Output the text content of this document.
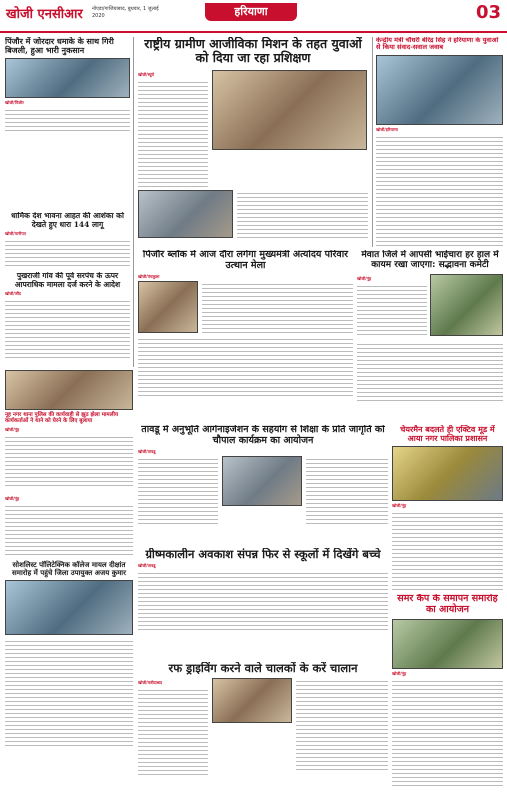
खोजी एनसीआर नोएडा/गाजियाबाद, बुधवार, 1 जुलाई 2020	हरियाणा	03
पिंजौर में जोरदार धमाके के साथ गिरी बिजली, हुआ भारी नुकसान
खोजी/पिंजौर
धार्मिक देश भावना आहत की आशंका को देखते हुए धारा 144 लागू
खोजी/पानीपत
पुखराजी गांव की पूर्व सरपंच के ऊपर आपराधिक मामला दर्ज करने के आदेश
खोजी/जींद
राष्ट्रीय ग्रामीण आजीविका मिशन के तहत युवाओं को दिया जा रहा प्रशिक्षण
खोजी/ब्यूरो
केन्द्रीय मंत्री चौधरी बीरेंद्र सिंह ने हरियाणा के युवाओं से किया संवाद-सवाल जवाब
खोजी/हरियाणा
पिंजौर ब्लॉक में आज दौरा लगेगा मुख्यमंत्री अंत्योदय परिवार उत्थान मेला
खोजी/पंचकूला
मेवात जिले में आपसी भाईचारा हर हाल में कायम रखा जाएगा: सद्भावना कमेटी
खोजी/नूंह
नूह नगर थाना पुलिस की कार्यवाही से झूठ झेला मामलीय कार्यकर्ताओं ने थाने को घेरने के लिए बुलाया
खोजी/नूंह	तावडू में अनुभूति आर्गेनाइजेशन के सहयोग से शिक्षा के प्रति जागृति को चौपाल कार्यक्रम का आयोजन
खोजी/तावडू
चेयरमैन बदलते ही एक्टिव मूड में आया नगर पालिका प्रशासन
खोजी/नूंह
ग्रीष्मकालीन अवकाश संपन्न फिर से स्कूलों में दिखेंगे बच्चे
खोजी/तावडू
खोजी/नूंह
सोशलिस्ट पॉलिटेक्निक कॉलेज मायल दीक्षांत समारोह में पहुंचे जिला उपायुक्त अजय कुमार
रफ ड्राइविंग करने वाले चालकों के करें चालान
खोजी/फरीदाबाद
समर कैंप के समापन समारोह का आयोजन
खोजी/नूंह
